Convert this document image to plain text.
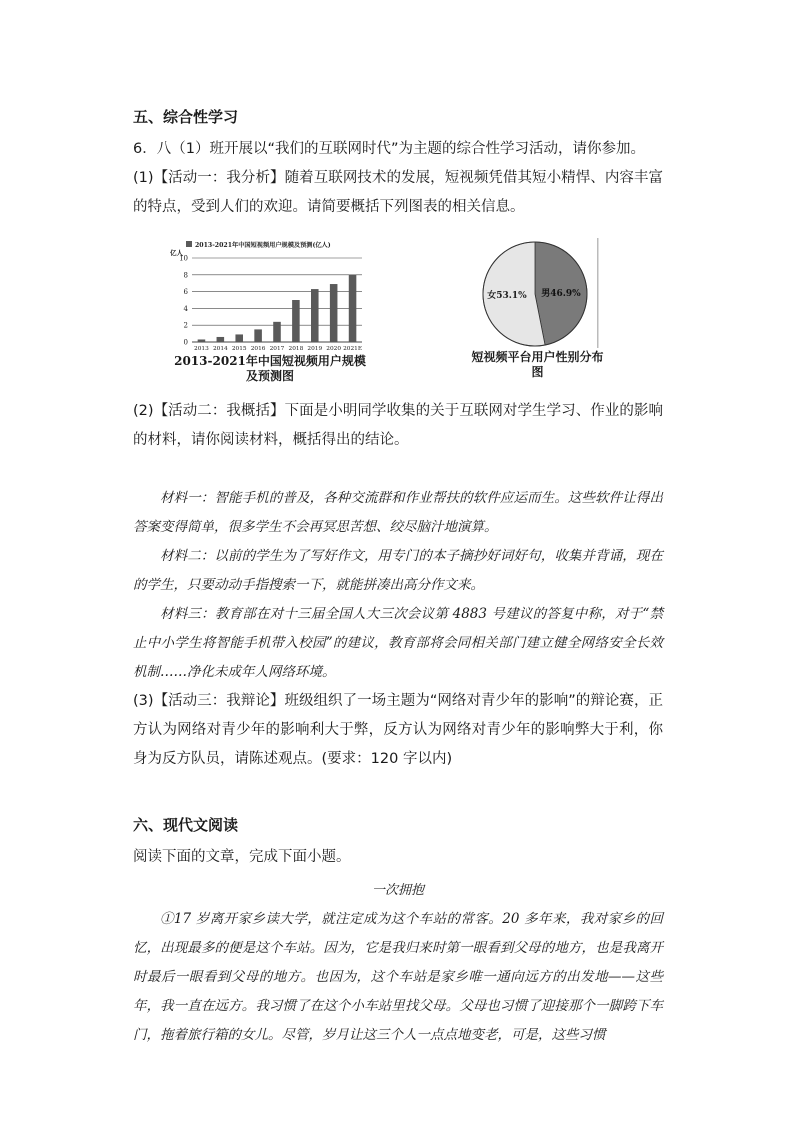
五、综合性学习
6．八（1）班开展以“我们的互联网时代”为主题的综合性学习活动，请你参加。
(1)【活动一：我分析】随着互联网技术的发展，短视频凭借其短小精悍、内容丰富的特点，受到人们的欢迎。请简要概括下列图表的相关信息。
2013-2021年中国短视频用户规模及预测(亿人)
亿人
0
2
4
6
8
10
2013 2014 2015 2016 2017 2018 2019 2020 2021E
2013-2021年中国短视频用户规模及预测图
女53.1% 男46.9%
短视频平台用户性别分布图
(2)【活动二：我概括】下面是小明同学收集的关于互联网对学生学习、作业的影响的材料，请你阅读材料，概括得出的结论。
材料一：智能手机的普及，各种交流群和作业帮扶的软件应运而生。这些软件让得出答案变得简单，很多学生不会再冥思苦想、绞尽脑汁地演算。
材料二：以前的学生为了写好作文，用专门的本子摘抄好词好句，收集并背诵，现在的学生，只要动动手指搜索一下，就能拼凑出高分作文来。
材料三：教育部在对十三届全国人大三次会议第 4883 号建议的答复中称，对于“禁止中小学生将智能手机带入校园”的建议，教育部将会同相关部门建立健全网络安全长效机制……净化未成年人网络环境。
(3)【活动三：我辩论】班级组织了一场主题为“网络对青少年的影响”的辩论赛，正方认为网络对青少年的影响利大于弊，反方认为网络对青少年的影响弊大于利，你身为反方队员，请陈述观点。(要求：120 字以内)
六、现代文阅读
阅读下面的文章，完成下面小题。
一次拥抱
①17 岁离开家乡读大学，就注定成为这个车站的常客。20 多年来，我对家乡的回忆，出现最多的便是这个车站。因为，它是我归来时第一眼看到父母的地方，也是我离开时最后一眼看到父母的地方。也因为，这个车站是家乡唯一通向远方的出发地——这些年，我一直在远方。我习惯了在这个小车站里找父母。父母也习惯了迎接那个一脚跨下车门，拖着旅行箱的女儿。尽管，岁月让这三个人一点点地变老，可是，这些习惯
